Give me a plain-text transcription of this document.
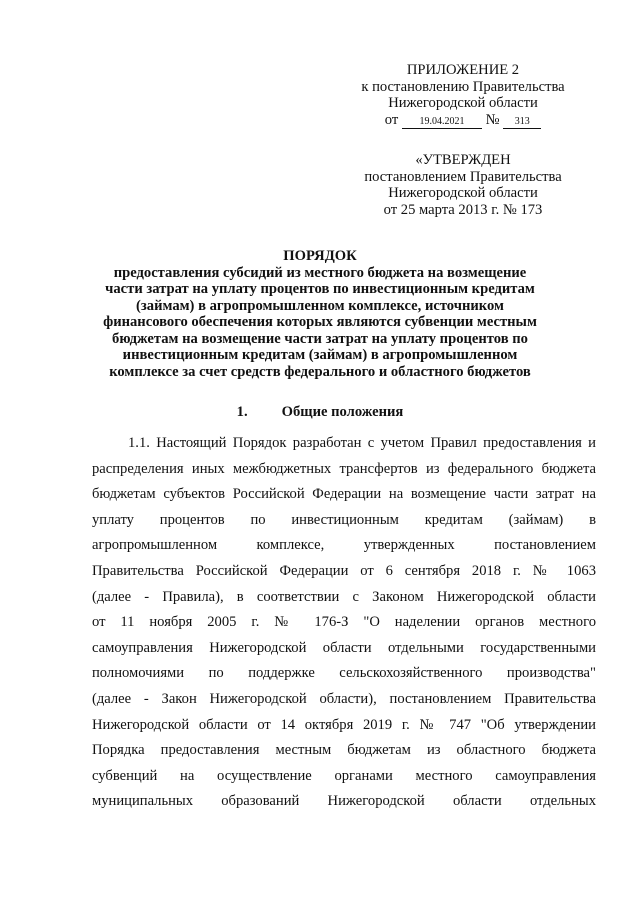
ПРИЛОЖЕНИЕ 2
к постановлению Правительства
Нижегородской области
от 19.04.2021 № 313
«УТВЕРЖДЕН
постановлением Правительства
Нижегородской области
от 25 марта 2013 г. № 173
ПОРЯДОК
предоставления субсидий из местного бюджета на возмещение
части затрат на уплату процентов по инвестиционным кредитам
(займам) в агропромышленном комплексе, источником
финансового обеспечения которых являются субвенции местным
бюджетам на возмещение части затрат на уплату процентов по
инвестиционным кредитам (займам) в агропромышленном
комплексе за счет средств федерального и областного бюджетов
1. Общие положения
1.1. Настоящий Порядок разработан с учетом Правил предоставления и
распределения иных межбюджетных трансфертов из федерального бюджета
бюджетам субъектов Российской Федерации на возмещение части затрат на
уплату процентов по инвестиционным кредитам (займам) в
агропромышленном комплексе, утвержденных постановлением
Правительства Российской Федерации от 6 сентября 2018 г. № 1063
(далее - Правила), в соответствии с Законом Нижегородской области
от 11 ноября 2005 г. № 176-З "О наделении органов местного
самоуправления Нижегородской области отдельными государственными
полномочиями по поддержке сельскохозяйственного производства"
(далее - Закон Нижегородской области), постановлением Правительства
Нижегородской области от 14 октября 2019 г. № 747 "Об утверждении
Порядка предоставления местным бюджетам из областного бюджета
субвенций на осуществление органами местного самоуправления
муниципальных образований Нижегородской области отдельных
